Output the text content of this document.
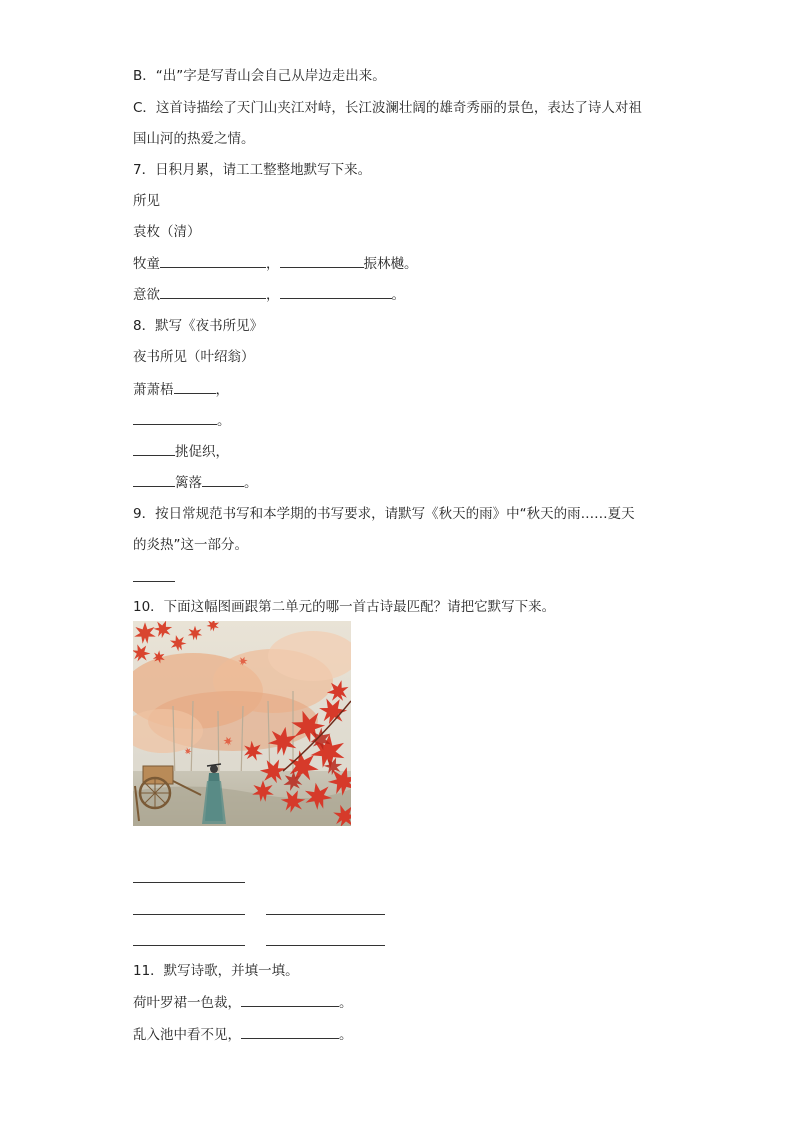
B．“出”字是写青山会自己从岸边走出来。
C．这首诗描绘了天门山夹江对峙，长江波澜壮阔的雄奇秀丽的景色，表达了诗人对祖
国山河的热爱之情。
7．日积月累，请工工整整地默写下来。
所见
袁枚（清）
牧童	，	振林樾。
意欲	，	。
8．默写《夜书所见》
夜书所见（叶绍翁）
萧萧梧	，
。
挑促织，
篱落	。
9．按日常规范书写和本学期的书写要求，请默写《秋天的雨》中“秋天的雨……夏天
的炎热”这一部分。
10．下面这幅图画跟第二单元的哪一首古诗最匹配？请把它默写下来。
11．默写诗歌，并填一填。
荷叶罗裙一色裁，	。
乱入池中看不见，	。
